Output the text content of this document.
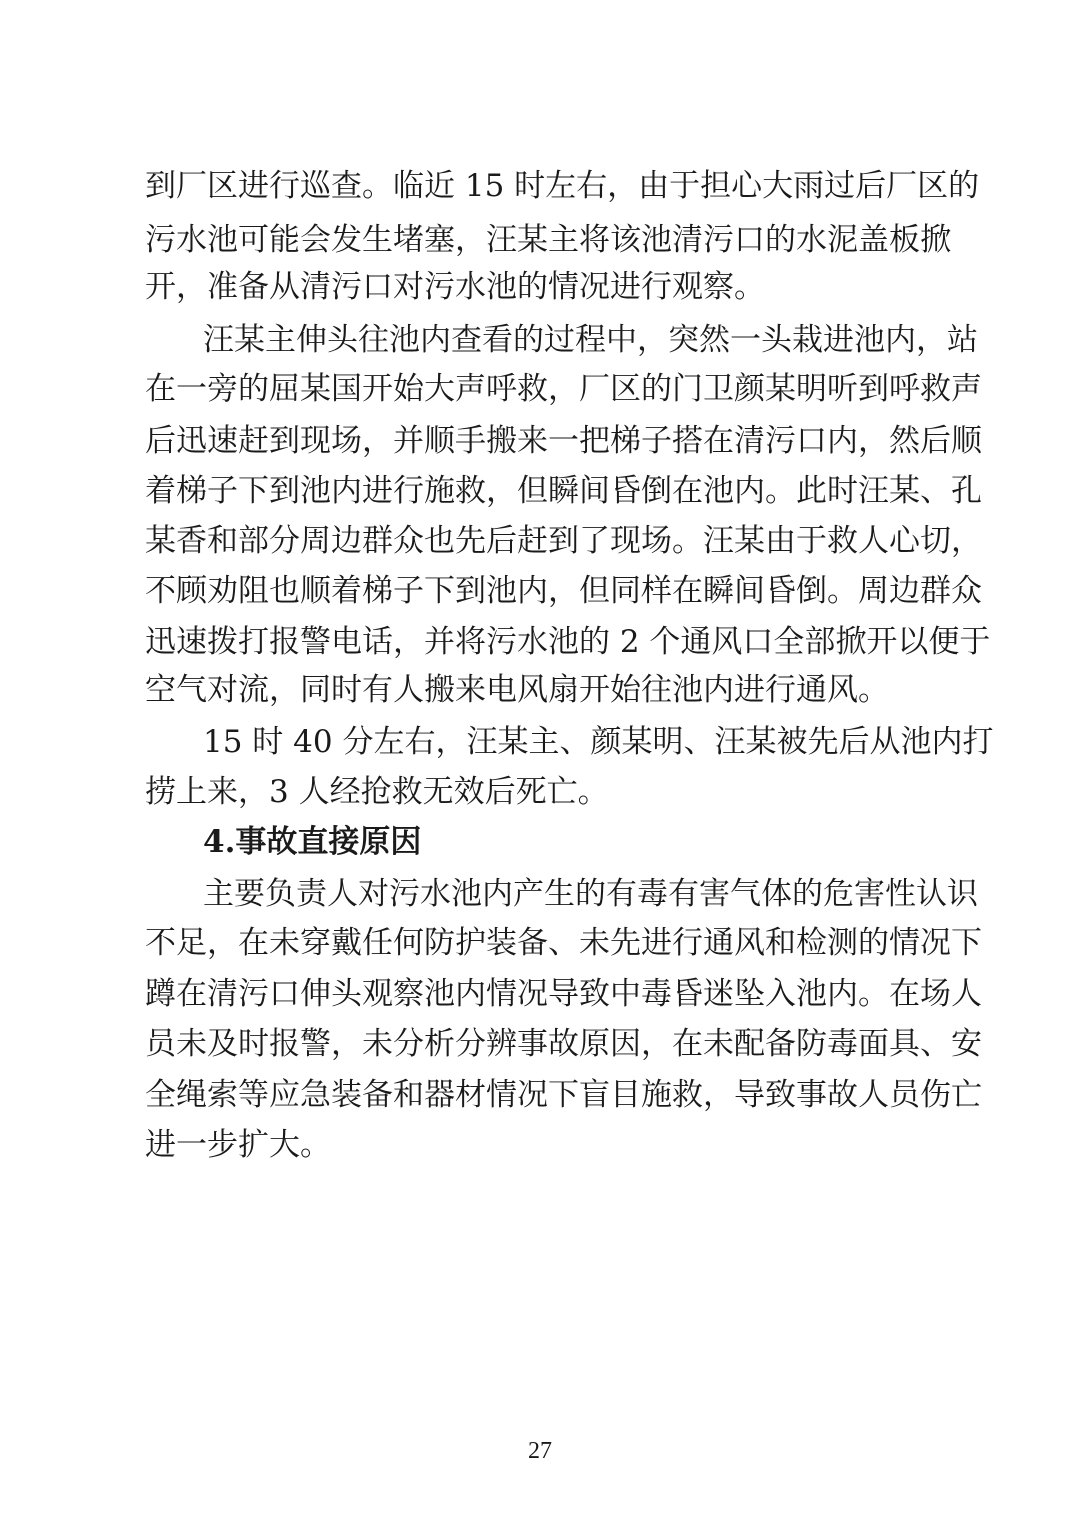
到厂区进行巡查。临近 15 时左右，由于担心大雨过后厂区的
污水池可能会发生堵塞，汪某主将该池清污口的水泥盖板掀
开，准备从清污口对污水池的情况进行观察。
汪某主伸头往池内查看的过程中，突然一头栽进池内，站
在一旁的屈某国开始大声呼救，厂区的门卫颜某明听到呼救声
后迅速赶到现场，并顺手搬来一把梯子搭在清污口内，然后顺
着梯子下到池内进行施救，但瞬间昏倒在池内。此时汪某、孔
某香和部分周边群众也先后赶到了现场。汪某由于救人心切，
不顾劝阻也顺着梯子下到池内，但同样在瞬间昏倒。周边群众
迅速拨打报警电话，并将污水池的 2 个通风口全部掀开以便于
空气对流，同时有人搬来电风扇开始往池内进行通风。
15 时 40 分左右，汪某主、颜某明、汪某被先后从池内打
捞上来，3 人经抢救无效后死亡。
4.事故直接原因
主要负责人对污水池内产生的有毒有害气体的危害性认识
不足，在未穿戴任何防护装备、未先进行通风和检测的情况下
蹲在清污口伸头观察池内情况导致中毒昏迷坠入池内。在场人
员未及时报警，未分析分辨事故原因，在未配备防毒面具、安
全绳索等应急装备和器材情况下盲目施救，导致事故人员伤亡
进一步扩大。
27
